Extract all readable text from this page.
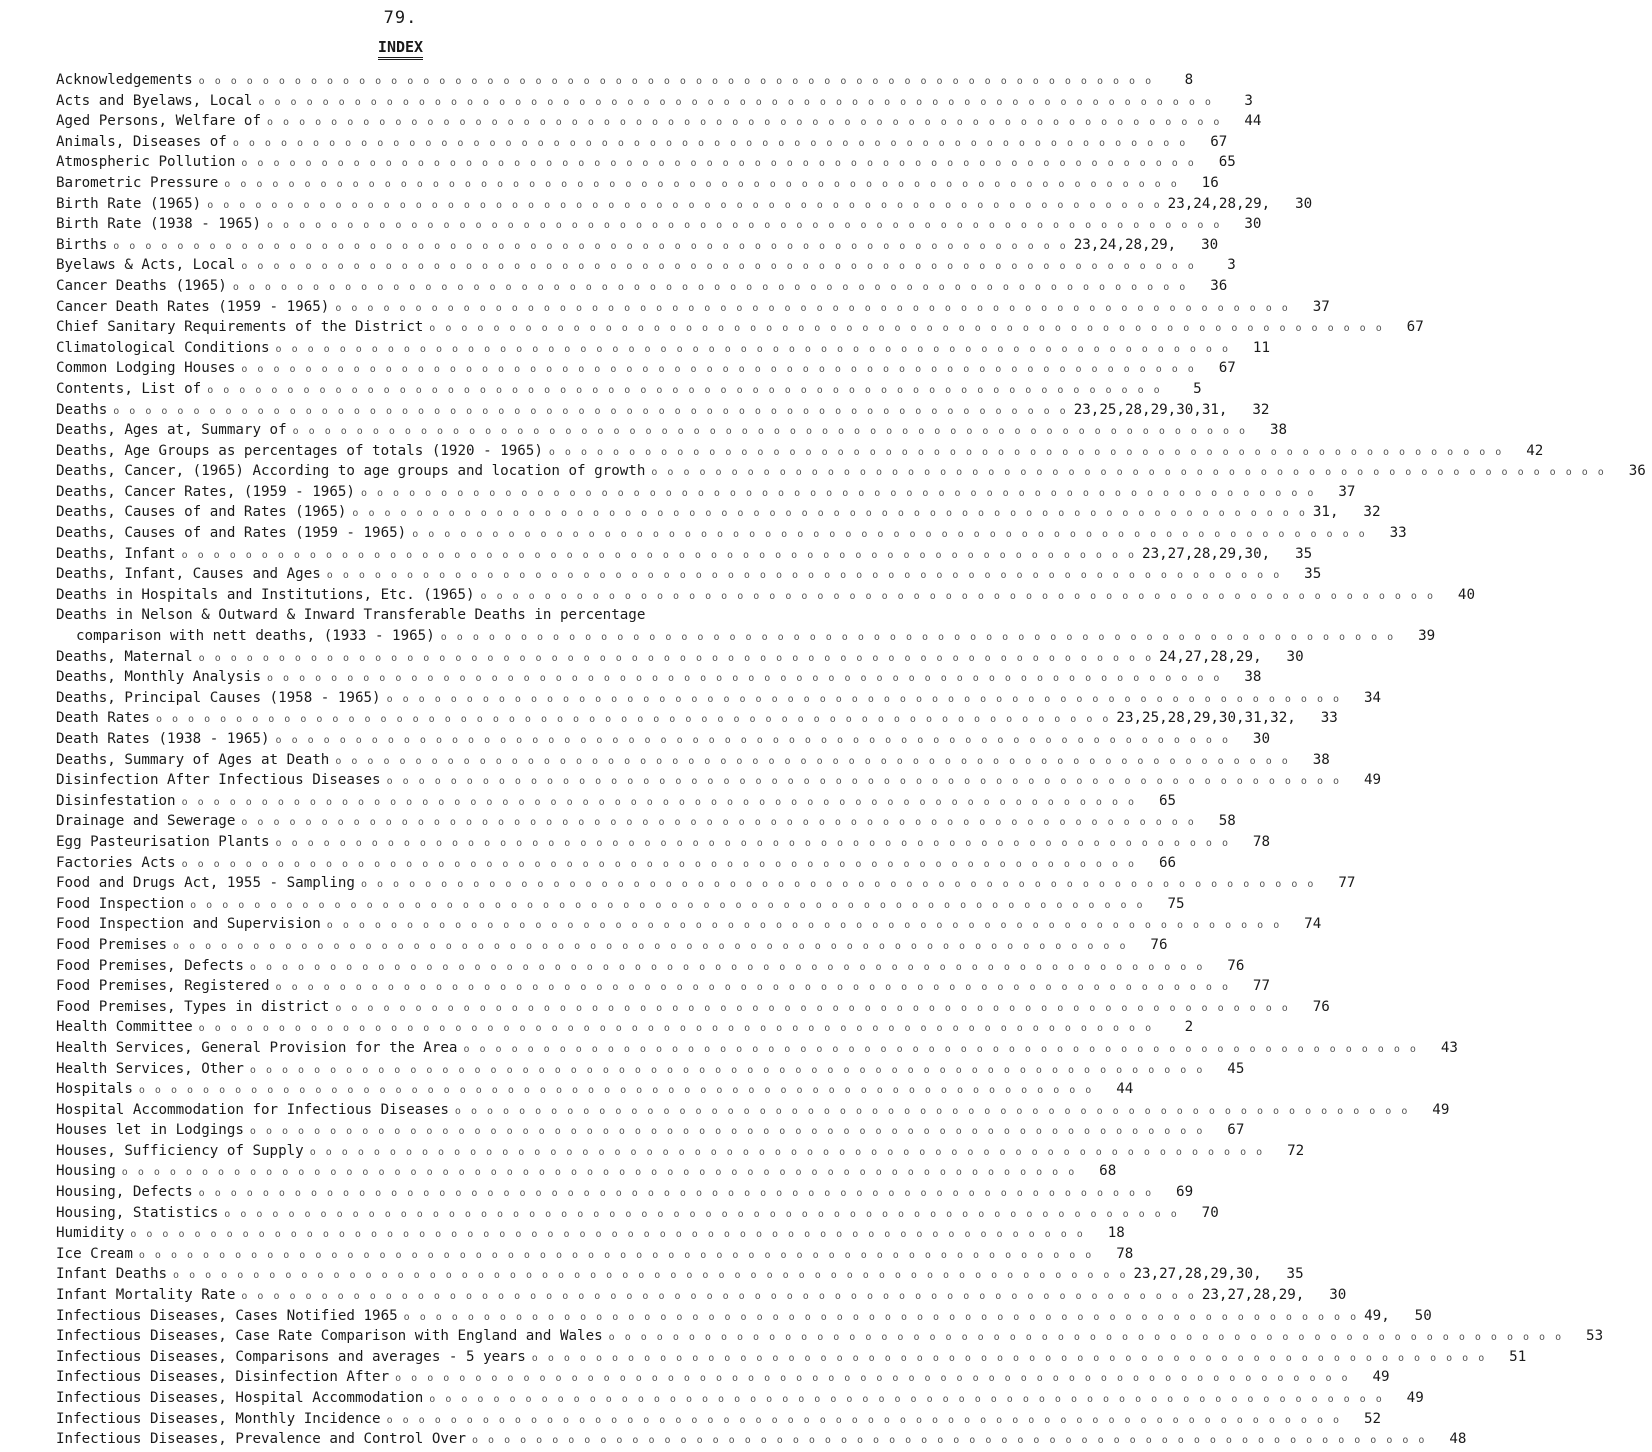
79.
INDEX
Acknowledgements o o o o o o o o o o o o o o o o o o o o o o o o o o o o o o o o o o o o o o o o o o o o o o o o o o o o o o o o o o o o	8
Acts and Byelaws, Local o o o o o o o o o o o o o o o o o o o o o o o o o o o o o o o o o o o o o o o o o o o o o o o o o o o o o o o o o o o o	3
Aged Persons, Welfare of o o o o o o o o o o o o o o o o o o o o o o o o o o o o o o o o o o o o o o o o o o o o o o o o o o o o o o o o o o o o	44
Animals, Diseases of o o o o o o o o o o o o o o o o o o o o o o o o o o o o o o o o o o o o o o o o o o o o o o o o o o o o o o o o o o o o	67
Atmospheric Pollution o o o o o o o o o o o o o o o o o o o o o o o o o o o o o o o o o o o o o o o o o o o o o o o o o o o o o o o o o o o o	65
Barometric Pressure o o o o o o o o o o o o o o o o o o o o o o o o o o o o o o o o o o o o o o o o o o o o o o o o o o o o o o o o o o o o	16
Birth Rate (1965) o o o o o o o o o o o o o o o o o o o o o o o o o o o o o o o o o o o o o o o o o o o o o o o o o o o o o o o o o o o o	23,24,28,29,	30
Birth Rate (1938 - 1965) o o o o o o o o o o o o o o o o o o o o o o o o o o o o o o o o o o o o o o o o o o o o o o o o o o o o o o o o o o o o	30
Births o o o o o o o o o o o o o o o o o o o o o o o o o o o o o o o o o o o o o o o o o o o o o o o o o o o o o o o o o o o o	23,24,28,29,	30
Byelaws & Acts, Local o o o o o o o o o o o o o o o o o o o o o o o o o o o o o o o o o o o o o o o o o o o o o o o o o o o o o o o o o o o o	3
Cancer Deaths (1965) o o o o o o o o o o o o o o o o o o o o o o o o o o o o o o o o o o o o o o o o o o o o o o o o o o o o o o o o o o o o	36
Cancer Death Rates (1959 - 1965) o o o o o o o o o o o o o o o o o o o o o o o o o o o o o o o o o o o o o o o o o o o o o o o o o o o o o o o o o o o o	37
Chief Sanitary Requirements of the District o o o o o o o o o o o o o o o o o o o o o o o o o o o o o o o o o o o o o o o o o o o o o o o o o o o o o o o o o o o o	67
Climatological Conditions o o o o o o o o o o o o o o o o o o o o o o o o o o o o o o o o o o o o o o o o o o o o o o o o o o o o o o o o o o o o	11
Common Lodging Houses o o o o o o o o o o o o o o o o o o o o o o o o o o o o o o o o o o o o o o o o o o o o o o o o o o o o o o o o o o o o	67
Contents, List of o o o o o o o o o o o o o o o o o o o o o o o o o o o o o o o o o o o o o o o o o o o o o o o o o o o o o o o o o o o o	5
Deaths o o o o o o o o o o o o o o o o o o o o o o o o o o o o o o o o o o o o o o o o o o o o o o o o o o o o o o o o o o o o	23,25,28,29,30,31,	32
Deaths, Ages at, Summary of o o o o o o o o o o o o o o o o o o o o o o o o o o o o o o o o o o o o o o o o o o o o o o o o o o o o o o o o o o o o	38
Deaths, Age Groups as percentages of totals (1920 - 1965) o o o o o o o o o o o o o o o o o o o o o o o o o o o o o o o o o o o o o o o o o o o o o o o o o o o o o o o o o o o o	42
Deaths, Cancer, (1965) According to age groups and location of growth o o o o o o o o o o o o o o o o o o o o o o o o o o o o o o o o o o o o o o o o o o o o o o o o o o o o o o o o o o o o	36
Deaths, Cancer Rates, (1959 - 1965) o o o o o o o o o o o o o o o o o o o o o o o o o o o o o o o o o o o o o o o o o o o o o o o o o o o o o o o o o o o o	37
Deaths, Causes of and Rates (1965) o o o o o o o o o o o o o o o o o o o o o o o o o o o o o o o o o o o o o o o o o o o o o o o o o o o o o o o o o o o o	31,	32
Deaths, Causes of and Rates (1959 - 1965) o o o o o o o o o o o o o o o o o o o o o o o o o o o o o o o o o o o o o o o o o o o o o o o o o o o o o o o o o o o o	33
Deaths, Infant o o o o o o o o o o o o o o o o o o o o o o o o o o o o o o o o o o o o o o o o o o o o o o o o o o o o o o o o o o o o	23,27,28,29,30,	35
Deaths, Infant, Causes and Ages o o o o o o o o o o o o o o o o o o o o o o o o o o o o o o o o o o o o o o o o o o o o o o o o o o o o o o o o o o o o	35
Deaths in Hospitals and Institutions, Etc. (1965) o o o o o o o o o o o o o o o o o o o o o o o o o o o o o o o o o o o o o o o o o o o o o o o o o o o o o o o o o o o o	40
Deaths in Nelson & Outward & Inward Transferable Deaths in percentage
comparison with nett deaths, (1933 - 1965) o o o o o o o o o o o o o o o o o o o o o o o o o o o o o o o o o o o o o o o o o o o o o o o o o o o o o o o o o o o o	39
Deaths, Maternal o o o o o o o o o o o o o o o o o o o o o o o o o o o o o o o o o o o o o o o o o o o o o o o o o o o o o o o o o o o o	24,27,28,29,	30
Deaths, Monthly Analysis o o o o o o o o o o o o o o o o o o o o o o o o o o o o o o o o o o o o o o o o o o o o o o o o o o o o o o o o o o o o	38
Deaths, Principal Causes (1958 - 1965) o o o o o o o o o o o o o o o o o o o o o o o o o o o o o o o o o o o o o o o o o o o o o o o o o o o o o o o o o o o o	34
Death Rates o o o o o o o o o o o o o o o o o o o o o o o o o o o o o o o o o o o o o o o o o o o o o o o o o o o o o o o o o o o o	23,25,28,29,30,31,32,	33
Death Rates (1938 - 1965) o o o o o o o o o o o o o o o o o o o o o o o o o o o o o o o o o o o o o o o o o o o o o o o o o o o o o o o o o o o o	30
Deaths, Summary of Ages at Death o o o o o o o o o o o o o o o o o o o o o o o o o o o o o o o o o o o o o o o o o o o o o o o o o o o o o o o o o o o o	38
Disinfection After Infectious Diseases o o o o o o o o o o o o o o o o o o o o o o o o o o o o o o o o o o o o o o o o o o o o o o o o o o o o o o o o o o o o	49
Disinfestation o o o o o o o o o o o o o o o o o o o o o o o o o o o o o o o o o o o o o o o o o o o o o o o o o o o o o o o o o o o o	65
Drainage and Sewerage o o o o o o o o o o o o o o o o o o o o o o o o o o o o o o o o o o o o o o o o o o o o o o o o o o o o o o o o o o o o	58
Egg Pasteurisation Plants o o o o o o o o o o o o o o o o o o o o o o o o o o o o o o o o o o o o o o o o o o o o o o o o o o o o o o o o o o o o	78
Factories Acts o o o o o o o o o o o o o o o o o o o o o o o o o o o o o o o o o o o o o o o o o o o o o o o o o o o o o o o o o o o o	66
Food and Drugs Act, 1955 - Sampling o o o o o o o o o o o o o o o o o o o o o o o o o o o o o o o o o o o o o o o o o o o o o o o o o o o o o o o o o o o o	77
Food Inspection o o o o o o o o o o o o o o o o o o o o o o o o o o o o o o o o o o o o o o o o o o o o o o o o o o o o o o o o o o o o	75
Food Inspection and Supervision o o o o o o o o o o o o o o o o o o o o o o o o o o o o o o o o o o o o o o o o o o o o o o o o o o o o o o o o o o o o	74
Food Premises o o o o o o o o o o o o o o o o o o o o o o o o o o o o o o o o o o o o o o o o o o o o o o o o o o o o o o o o o o o o	76
Food Premises, Defects o o o o o o o o o o o o o o o o o o o o o o o o o o o o o o o o o o o o o o o o o o o o o o o o o o o o o o o o o o o o	76
Food Premises, Registered o o o o o o o o o o o o o o o o o o o o o o o o o o o o o o o o o o o o o o o o o o o o o o o o o o o o o o o o o o o o	77
Food Premises, Types in district o o o o o o o o o o o o o o o o o o o o o o o o o o o o o o o o o o o o o o o o o o o o o o o o o o o o o o o o o o o o	76
Health Committee o o o o o o o o o o o o o o o o o o o o o o o o o o o o o o o o o o o o o o o o o o o o o o o o o o o o o o o o o o o o	2
Health Services, General Provision for the Area o o o o o o o o o o o o o o o o o o o o o o o o o o o o o o o o o o o o o o o o o o o o o o o o o o o o o o o o o o o o	43
Health Services, Other o o o o o o o o o o o o o o o o o o o o o o o o o o o o o o o o o o o o o o o o o o o o o o o o o o o o o o o o o o o o	45
Hospitals o o o o o o o o o o o o o o o o o o o o o o o o o o o o o o o o o o o o o o o o o o o o o o o o o o o o o o o o o o o o	44
Hospital Accommodation for Infectious Diseases o o o o o o o o o o o o o o o o o o o o o o o o o o o o o o o o o o o o o o o o o o o o o o o o o o o o o o o o o o o o	49
Houses let in Lodgings o o o o o o o o o o o o o o o o o o o o o o o o o o o o o o o o o o o o o o o o o o o o o o o o o o o o o o o o o o o o	67
Houses, Sufficiency of Supply o o o o o o o o o o o o o o o o o o o o o o o o o o o o o o o o o o o o o o o o o o o o o o o o o o o o o o o o o o o o	72
Housing o o o o o o o o o o o o o o o o o o o o o o o o o o o o o o o o o o o o o o o o o o o o o o o o o o o o o o o o o o o o	68
Housing, Defects o o o o o o o o o o o o o o o o o o o o o o o o o o o o o o o o o o o o o o o o o o o o o o o o o o o o o o o o o o o o	69
Housing, Statistics o o o o o o o o o o o o o o o o o o o o o o o o o o o o o o o o o o o o o o o o o o o o o o o o o o o o o o o o o o o o	70
Humidity o o o o o o o o o o o o o o o o o o o o o o o o o o o o o o o o o o o o o o o o o o o o o o o o o o o o o o o o o o o o	18
Ice Cream o o o o o o o o o o o o o o o o o o o o o o o o o o o o o o o o o o o o o o o o o o o o o o o o o o o o o o o o o o o o	78
Infant Deaths o o o o o o o o o o o o o o o o o o o o o o o o o o o o o o o o o o o o o o o o o o o o o o o o o o o o o o o o o o o o	23,27,28,29,30,	35
Infant Mortality Rate o o o o o o o o o o o o o o o o o o o o o o o o o o o o o o o o o o o o o o o o o o o o o o o o o o o o o o o o o o o o	23,27,28,29,	30
Infectious Diseases, Cases Notified 1965 o o o o o o o o o o o o o o o o o o o o o o o o o o o o o o o o o o o o o o o o o o o o o o o o o o o o o o o o o o o o	49,	50
Infectious Diseases, Case Rate Comparison with England and Wales o o o o o o o o o o o o o o o o o o o o o o o o o o o o o o o o o o o o o o o o o o o o o o o o o o o o o o o o o o o o	53
Infectious Diseases, Comparisons and averages - 5 years o o o o o o o o o o o o o o o o o o o o o o o o o o o o o o o o o o o o o o o o o o o o o o o o o o o o o o o o o o o o	51
Infectious Diseases, Disinfection After o o o o o o o o o o o o o o o o o o o o o o o o o o o o o o o o o o o o o o o o o o o o o o o o o o o o o o o o o o o o	49
Infectious Diseases, Hospital Accommodation o o o o o o o o o o o o o o o o o o o o o o o o o o o o o o o o o o o o o o o o o o o o o o o o o o o o o o o o o o o o	49
Infectious Diseases, Monthly Incidence o o o o o o o o o o o o o o o o o o o o o o o o o o o o o o o o o o o o o o o o o o o o o o o o o o o o o o o o o o o o	52
Infectious Diseases, Prevalence and Control Over o o o o o o o o o o o o o o o o o o o o o o o o o o o o o o o o o o o o o o o o o o o o o o o o o o o o o o o o o o o o	48
